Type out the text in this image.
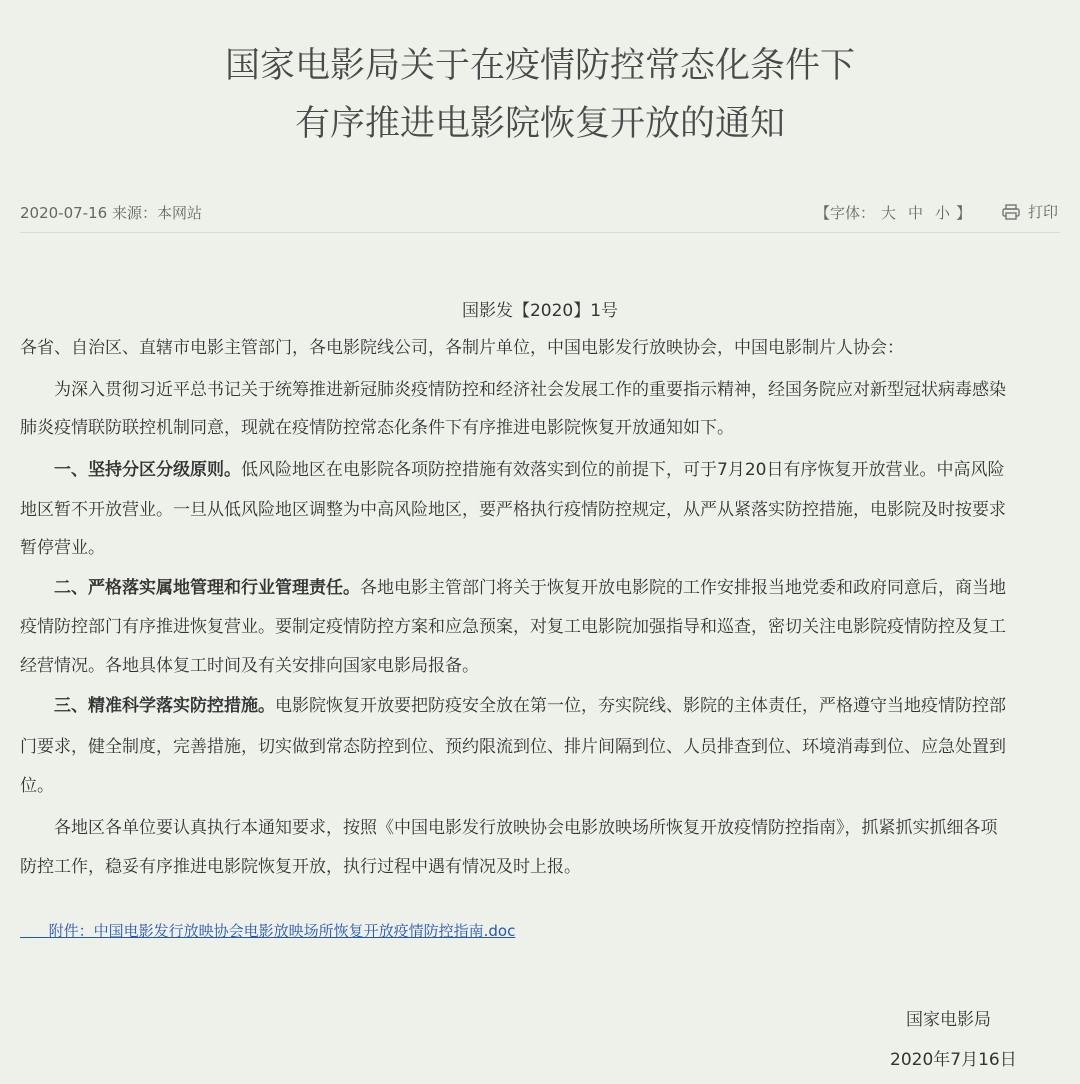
国家电影局关于在疫情防控常态化条件下
有序推进电影院恢复开放的通知
2020-07-16 来源：本网站	【字体： 大 中 小 】	打印
国影发【2020】1号
各省、自治区、直辖市电影主管部门，各电影院线公司，各制片单位，中国电影发行放映协会，中国电影制片人协会：
为深入贯彻习近平总书记关于统筹推进新冠肺炎疫情防控和经济社会发展工作的重要指示精神，经国务院应对新型冠状病毒感染
肺炎疫情联防联控机制同意，现就在疫情防控常态化条件下有序推进电影院恢复开放通知如下。
一、坚持分区分级原则。低风险地区在电影院各项防控措施有效落实到位的前提下，可于7月20日有序恢复开放营业。中高风险
地区暂不开放营业。一旦从低风险地区调整为中高风险地区，要严格执行疫情防控规定，从严从紧落实防控措施，电影院及时按要求
暂停营业。
二、严格落实属地管理和行业管理责任。各地电影主管部门将关于恢复开放电影院的工作安排报当地党委和政府同意后，商当地
疫情防控部门有序推进恢复营业。要制定疫情防控方案和应急预案，对复工电影院加强指导和巡查，密切关注电影院疫情防控及复工
经营情况。各地具体复工时间及有关安排向国家电影局报备。
三、精准科学落实防控措施。电影院恢复开放要把防疫安全放在第一位，夯实院线、影院的主体责任，严格遵守当地疫情防控部
门要求，健全制度，完善措施，切实做到常态防控到位、预约限流到位、排片间隔到位、人员排查到位、环境消毒到位、应急处置到
位。
各地区各单位要认真执行本通知要求，按照《中国电影发行放映协会电影放映场所恢复开放疫情防控指南》，抓紧抓实抓细各项
防控工作，稳妥有序推进电影院恢复开放，执行过程中遇有情况及时上报。
附件：中国电影发行放映协会电影放映场所恢复开放疫情防控指南.doc
国家电影局
2020年7月16日
